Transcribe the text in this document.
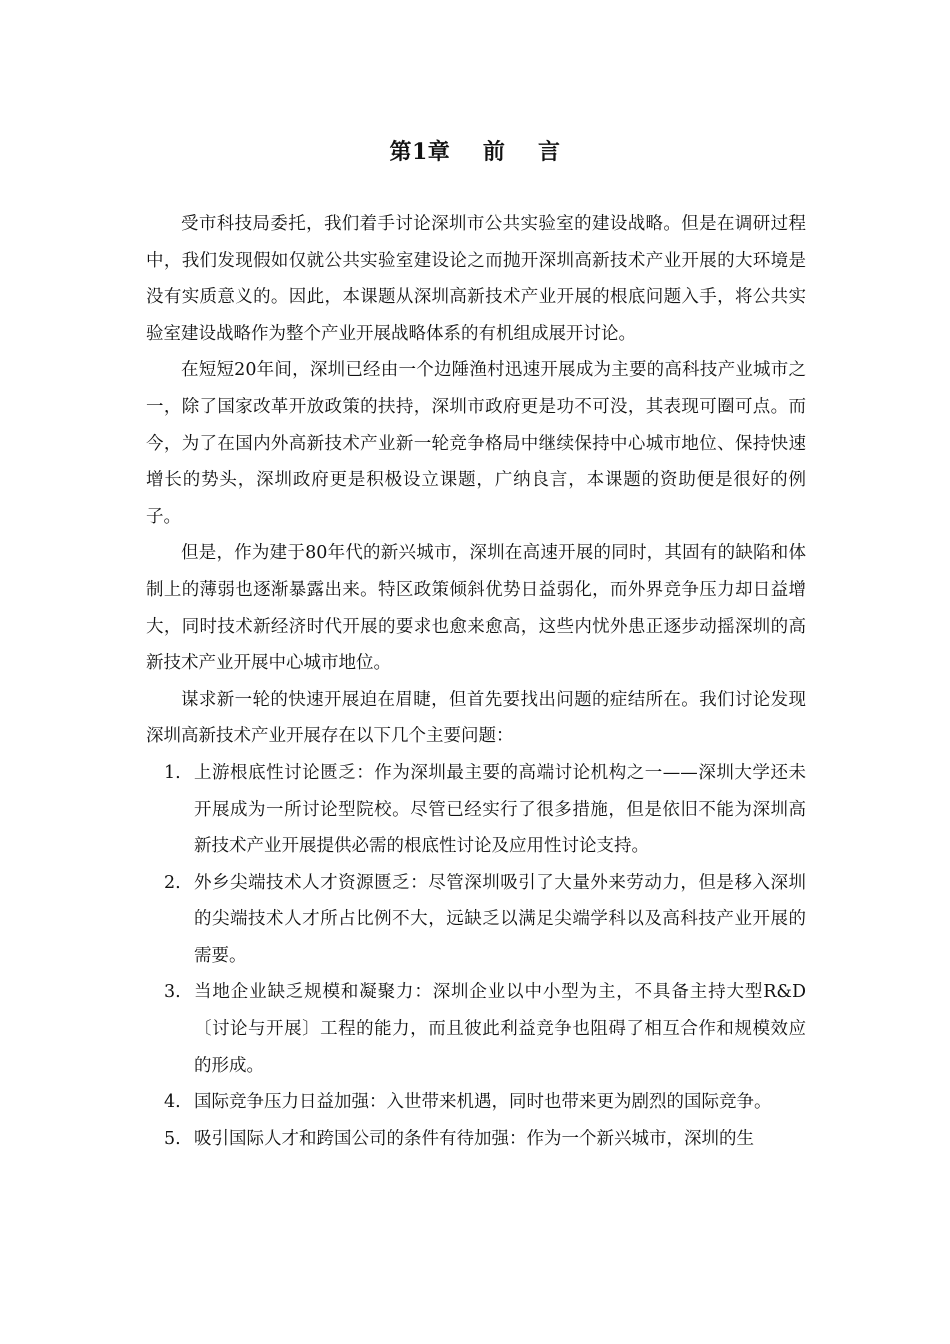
第1章    前    言

受市科技局委托，我们着手讨论深圳市公共实验室的建设战略。但是在调研过程中，我们发现假如仅就公共实验室建设论之而抛开深圳高新技术产业开展的大环境是没有实质意义的。因此，本课题从深圳高新技术产业开展的根底问题入手，将公共实验室建设战略作为整个产业开展战略体系的有机组成展开讨论。

在短短20年间，深圳已经由一个边陲渔村迅速开展成为主要的高科技产业城市之一，除了国家改革开放政策的扶持，深圳市政府更是功不可没，其表现可圈可点。而今，为了在国内外高新技术产业新一轮竞争格局中继续保持中心城市地位、保持快速增长的势头，深圳政府更是积极设立课题，广纳良言，本课题的资助便是很好的例子。

但是，作为建于80年代的新兴城市，深圳在高速开展的同时，其固有的缺陷和体制上的薄弱也逐渐暴露出来。特区政策倾斜优势日益弱化，而外界竞争压力却日益增大，同时技术新经济时代开展的要求也愈来愈高，这些内忧外患正逐步动摇深圳的高新技术产业开展中心城市地位。

谋求新一轮的快速开展迫在眉睫，但首先要找出问题的症结所在。我们讨论发现深圳高新技术产业开展存在以下几个主要问题：

1. 上游根底性讨论匮乏：作为深圳最主要的高端讨论机构之一——深圳大学还未开展成为一所讨论型院校。尽管已经实行了很多措施，但是依旧不能为深圳高新技术产业开展提供必需的根底性讨论及应用性讨论支持。
2. 外乡尖端技术人才资源匮乏：尽管深圳吸引了大量外来劳动力，但是移入深圳的尖端技术人才所占比例不大，远缺乏以满足尖端学科以及高科技产业开展的需要。
3. 当地企业缺乏规模和凝聚力：深圳企业以中小型为主，不具备主持大型R&D〔讨论与开展〕工程的能力，而且彼此利益竞争也阻碍了相互合作和规模效应的形成。
4. 国际竞争压力日益加强：入世带来机遇，同时也带来更为剧烈的国际竞争。
5. 吸引国际人才和跨国公司的条件有待加强：作为一个新兴城市，深圳的生
